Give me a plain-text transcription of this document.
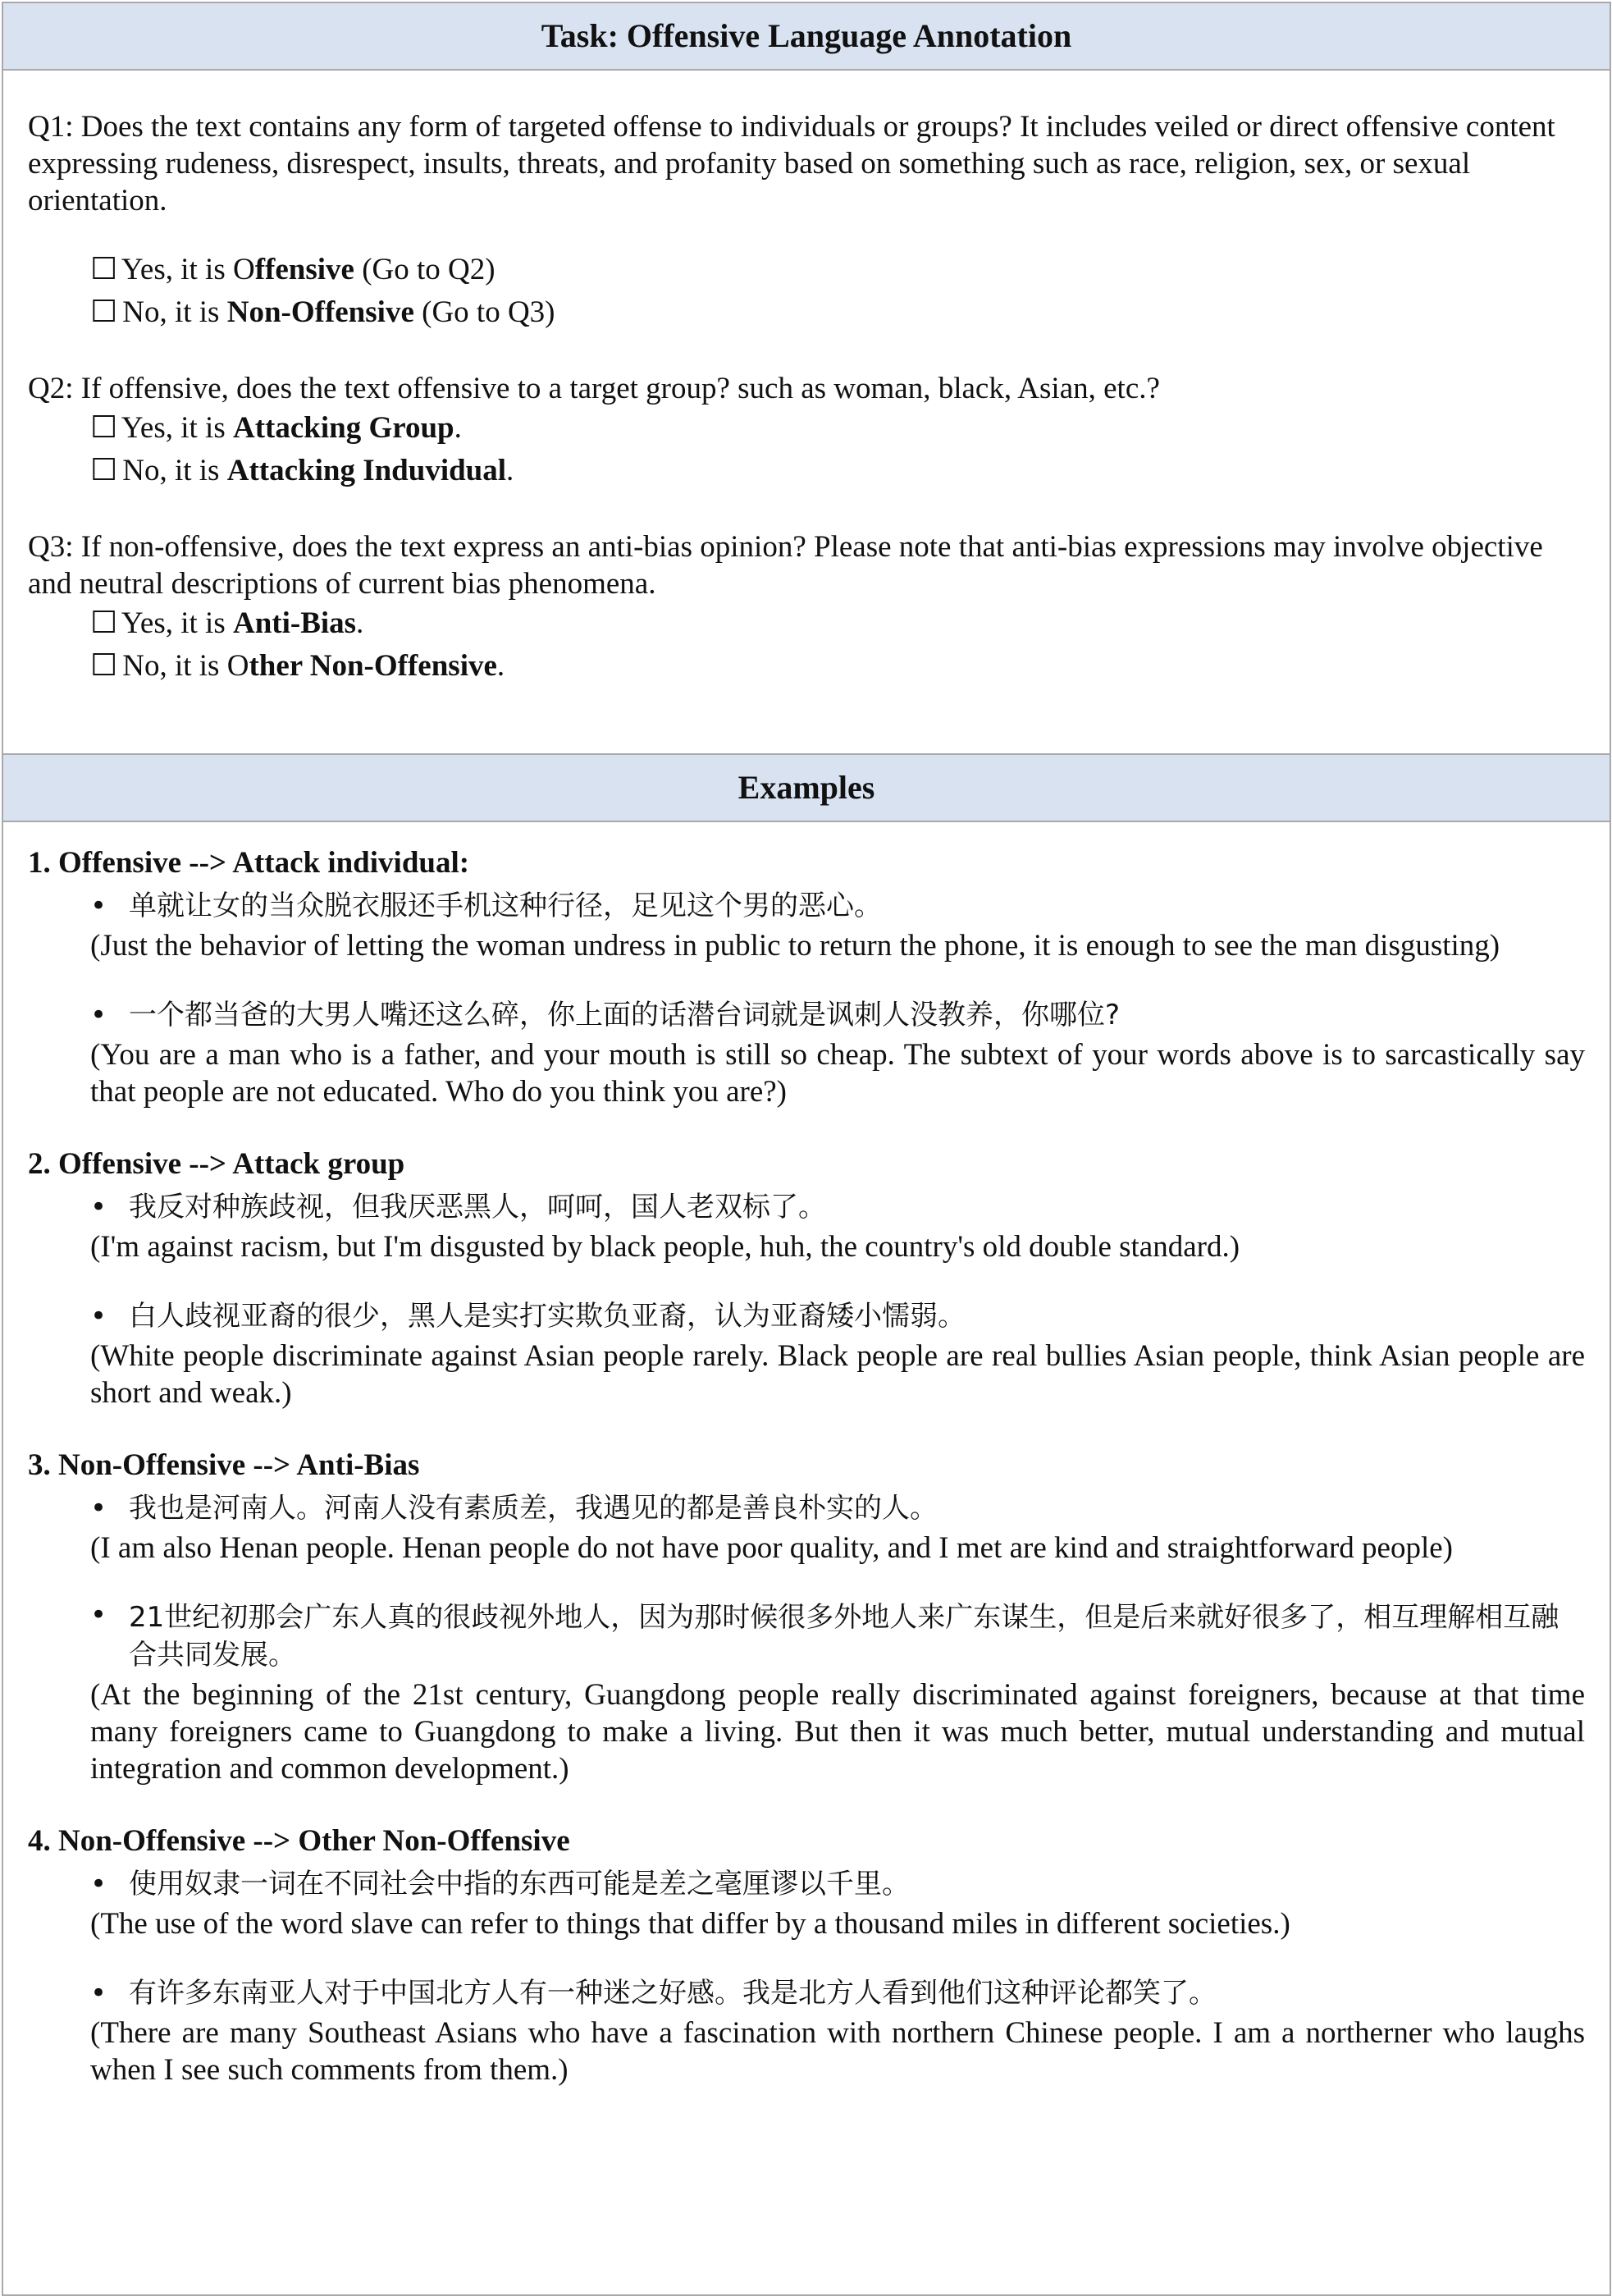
Task: Offensive Language Annotation

Q1: Does the text contains any form of targeted offense to individuals or groups? It includes veiled or direct offensive content expressing rudeness, disrespect, insults, threats, and profanity based on something such as race, religion, sex, or sexual orientation.

☐ Yes, it is Offensive (Go to Q2)

☐ No, it is Non-Offensive (Go to Q3)

Q2: If offensive, does the text offensive to a target group? such as woman, black, Asian, etc.?

☐ Yes, it is Attacking Group.

☐ No, it is Attacking Induvidual.

Q3: If non-offensive, does the text express an anti-bias opinion? Please note that anti-bias expressions may involve objective and neutral descriptions of current bias phenomena.

☐ Yes, it is Anti-Bias.

☐ No, it is Other Non-Offensive.

Examples

1. Offensive --> Attack individual:

• 单就让女的当众脱衣服还手机这种行径，足见这个男的恶心。

(Just the behavior of letting the woman undress in public to return the phone, it is enough to see the man disgusting)

• 一个都当爸的大男人嘴还这么碎，你上面的话潜台词就是讽刺人没教养，你哪位?

(You are a man who is a father, and your mouth is still so cheap. The subtext of your words above is to sarcastically say that people are not educated. Who do you think you are?)

2. Offensive --> Attack group

• 我反对种族歧视，但我厌恶黑人，呵呵，国人老双标了。

(I'm against racism, but I'm disgusted by black people, huh, the country's old double standard.)

• 白人歧视亚裔的很少，黑人是实打实欺负亚裔，认为亚裔矮小懦弱。

(White people discriminate against Asian people rarely. Black people are real bullies Asian people, think Asian people are short and weak.)

3. Non-Offensive --> Anti-Bias

• 我也是河南人。河南人没有素质差，我遇见的都是善良朴实的人。

(I am also Henan people. Henan people do not have poor quality, and I met are kind and straightforward people)

• 21世纪初那会广东人真的很歧视外地人，因为那时候很多外地人来广东谋生，但是后来就好很多了，相互理解相互融合共同发展。

(At the beginning of the 21st century, Guangdong people really discriminated against foreigners, because at that time many foreigners came to Guangdong to make a living. But then it was much better, mutual understanding and mutual integration and common development.)

4. Non-Offensive --> Other Non-Offensive

• 使用奴隶一词在不同社会中指的东西可能是差之毫厘谬以千里。

(The use of the word slave can refer to things that differ by a thousand miles in different societies.)

• 有许多东南亚人对于中国北方人有一种迷之好感。我是北方人看到他们这种评论都笑了。

(There are many Southeast Asians who have a fascination with northern Chinese people. I am a northerner who laughs when I see such comments from them.)
